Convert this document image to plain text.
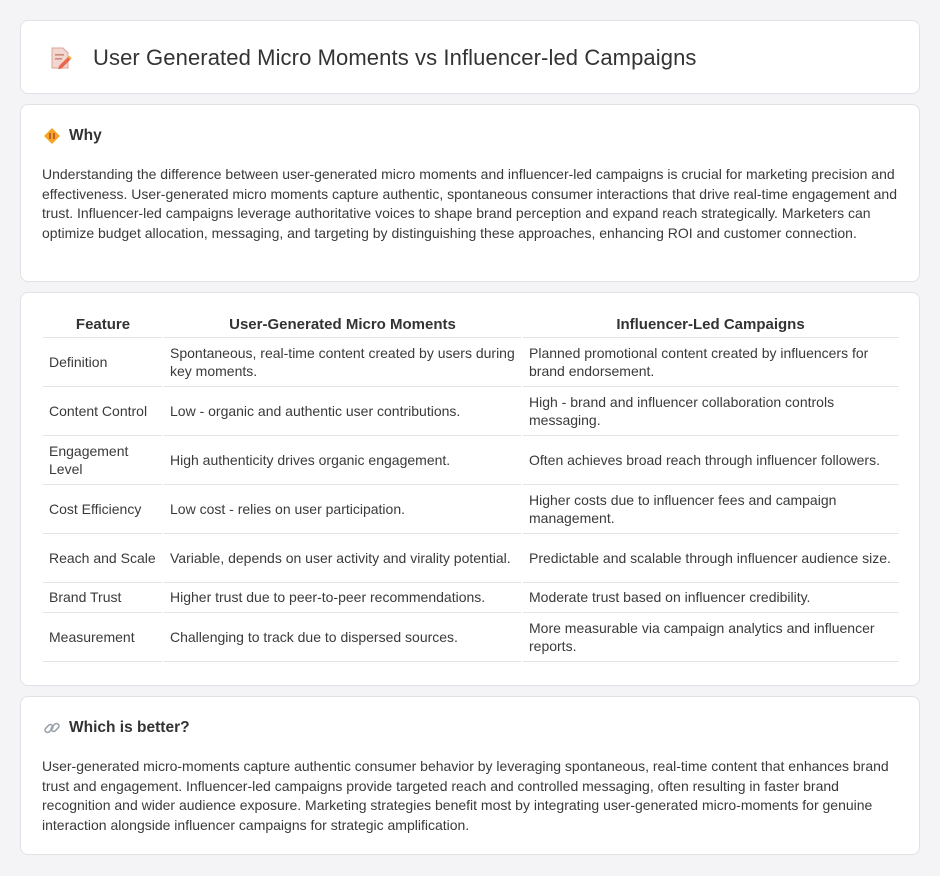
User Generated Micro Moments vs Influencer-led Campaigns
Why

Understanding the difference between user-generated micro moments and influencer-led campaigns is crucial for marketing precision and effectiveness. User-generated micro moments capture authentic, spontaneous consumer interactions that drive real-time engagement and trust. Influencer-led campaigns leverage authoritative voices to shape brand perception and expand reach strategically. Marketers can optimize budget allocation, messaging, and targeting by distinguishing these approaches, enhancing ROI and customer connection.

Feature	User-Generated Micro Moments	Influencer-Led Campaigns
Definition	Spontaneous, real-time content created by users during key moments.	Planned promotional content created by influencers for brand endorsement.
Content Control	Low - organic and authentic user contributions.	High - brand and influencer collaboration controls messaging.
Engagement Level	High authenticity drives organic engagement.	Often achieves broad reach through influencer followers.
Cost Efficiency	Low cost - relies on user participation.	Higher costs due to influencer fees and campaign management.
Reach and Scale	Variable, depends on user activity and virality potential.	Predictable and scalable through influencer audience size.
Brand Trust	Higher trust due to peer-to-peer recommendations.	Moderate trust based on influencer credibility.
Measurement	Challenging to track due to dispersed sources.	More measurable via campaign analytics and influencer reports.
Which is better?

User-generated micro-moments capture authentic consumer behavior by leveraging spontaneous, real-time content that enhances brand trust and engagement. Influencer-led campaigns provide targeted reach and controlled messaging, often resulting in faster brand recognition and wider audience exposure. Marketing strategies benefit most by integrating user-generated micro-moments for genuine interaction alongside influencer campaigns for strategic amplification.
